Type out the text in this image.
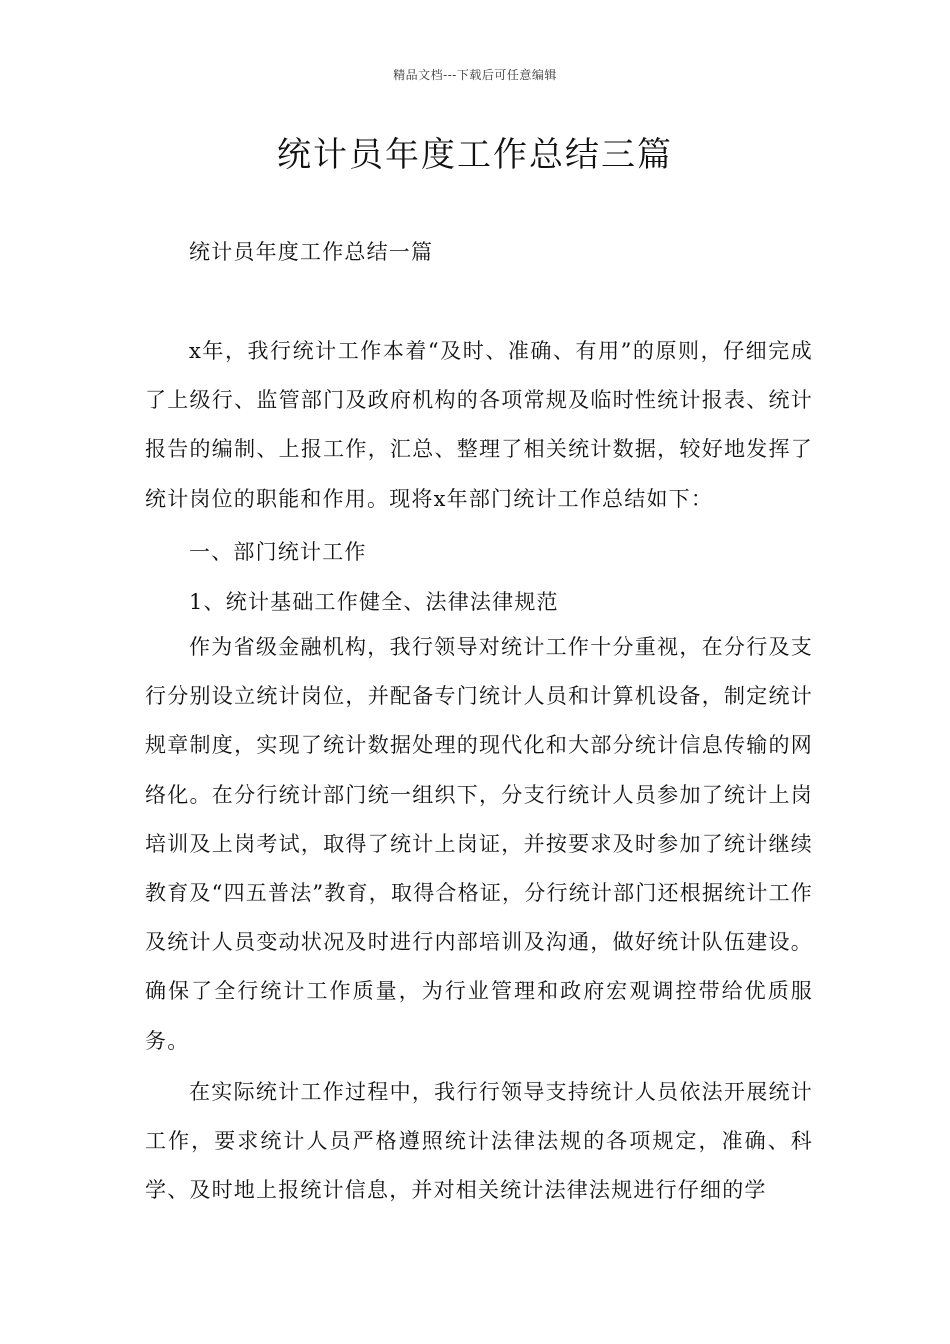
精品文档---下载后可任意编辑
统计员年度工作总结三篇
统计员年度工作总结一篇
x年，我行统计工作本着“及时、准确、有用”的原则，仔细完成了上级行、监管部门及政府机构的各项常规及临时性统计报表、统计报告的编制、上报工作，汇总、整理了相关统计数据，较好地发挥了统计岗位的职能和作用。现将x年部门统计工作总结如下：
一、部门统计工作
1、统计基础工作健全、法律法律规范
作为省级金融机构，我行领导对统计工作十分重视，在分行及支行分别设立统计岗位，并配备专门统计人员和计算机设备，制定统计规章制度，实现了统计数据处理的现代化和大部分统计信息传输的网络化。在分行统计部门统一组织下，分支行统计人员参加了统计上岗培训及上岗考试，取得了统计上岗证，并按要求及时参加了统计继续教育及“四五普法”教育，取得合格证，分行统计部门还根据统计工作及统计人员变动状况及时进行内部培训及沟通，做好统计队伍建设。确保了全行统计工作质量，为行业管理和政府宏观调控带给优质服务。
在实际统计工作过程中，我行行领导支持统计人员依法开展统计工作，要求统计人员严格遵照统计法律法规的各项规定，准确、科学、及时地上报统计信息，并对相关统计法律法规进行仔细的学
